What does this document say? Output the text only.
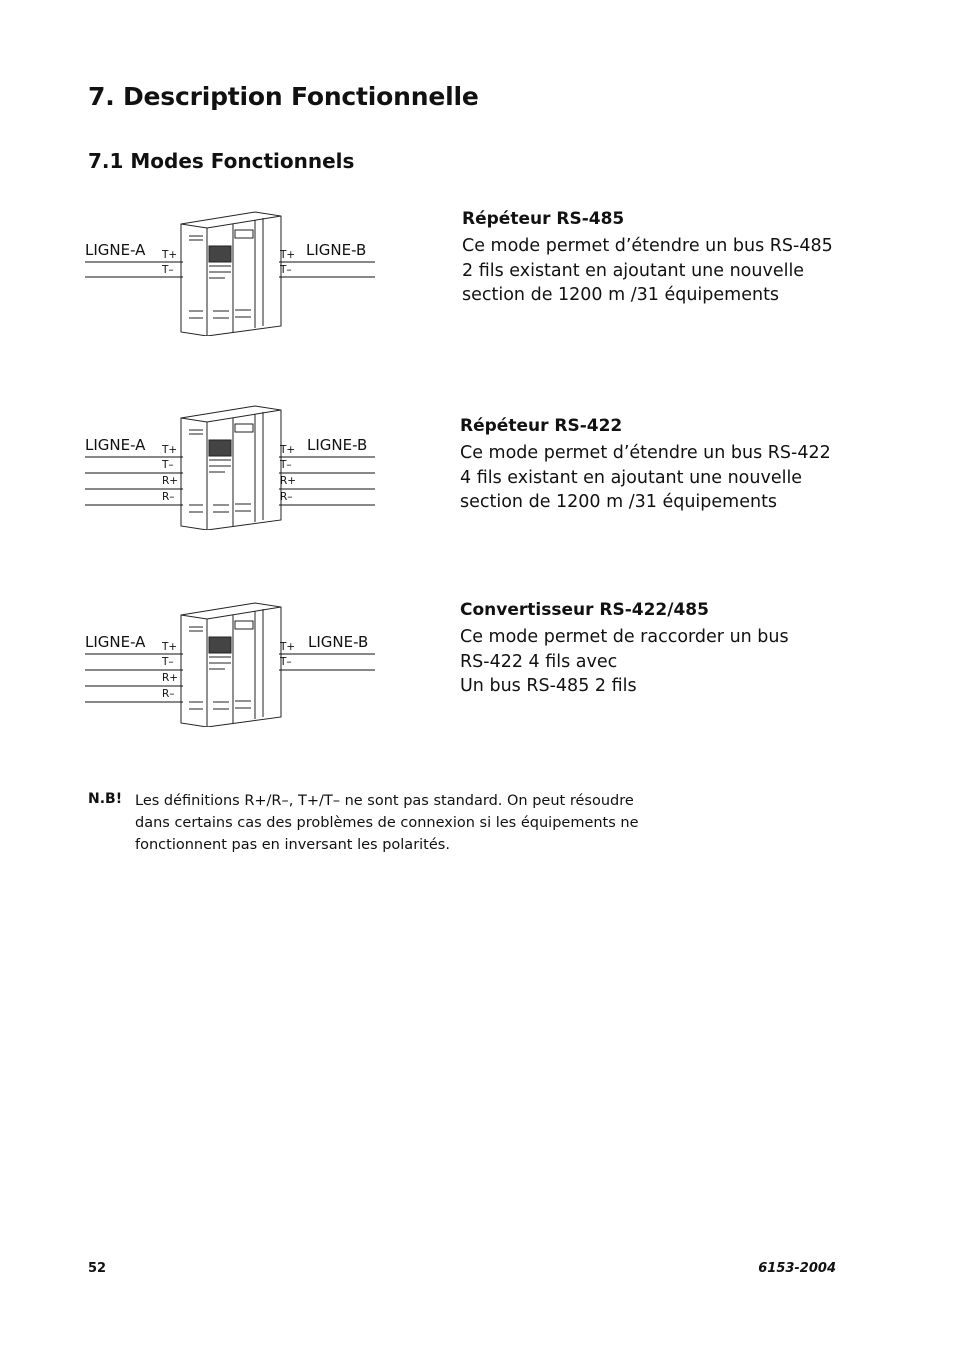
7. Description Fonctionnelle
7.1 Modes Fonctionnels
LIGNE-A	LIGNE-B
T+
T–
T+
T–
Répéteur RS-485
Ce mode permet d’étendre un bus RS-485
2 fils existant en ajoutant une nouvelle
section de 1200 m /31 équipements
LIGNE-A	LIGNE-B
T+
T–
R+
R–
T+
T–
R+
R–
Répéteur RS-422
Ce mode permet d’étendre un bus RS-422
4 fils existant en ajoutant une nouvelle
section de 1200 m /31 équipements
LIGNE-A	LIGNE-B
T+
T–
R+
R–
T+
T–
Convertisseur RS-422/485
Ce mode permet de raccorder un bus
RS-422 4 fils avec
Un bus RS-485 2 fils
N.B! Les définitions R+/R–, T+/T– ne sont pas standard. On peut résoudre
dans certains cas des problèmes de connexion si les équipements ne
fonctionnent pas en inversant les polarités.
52	6153-2004
